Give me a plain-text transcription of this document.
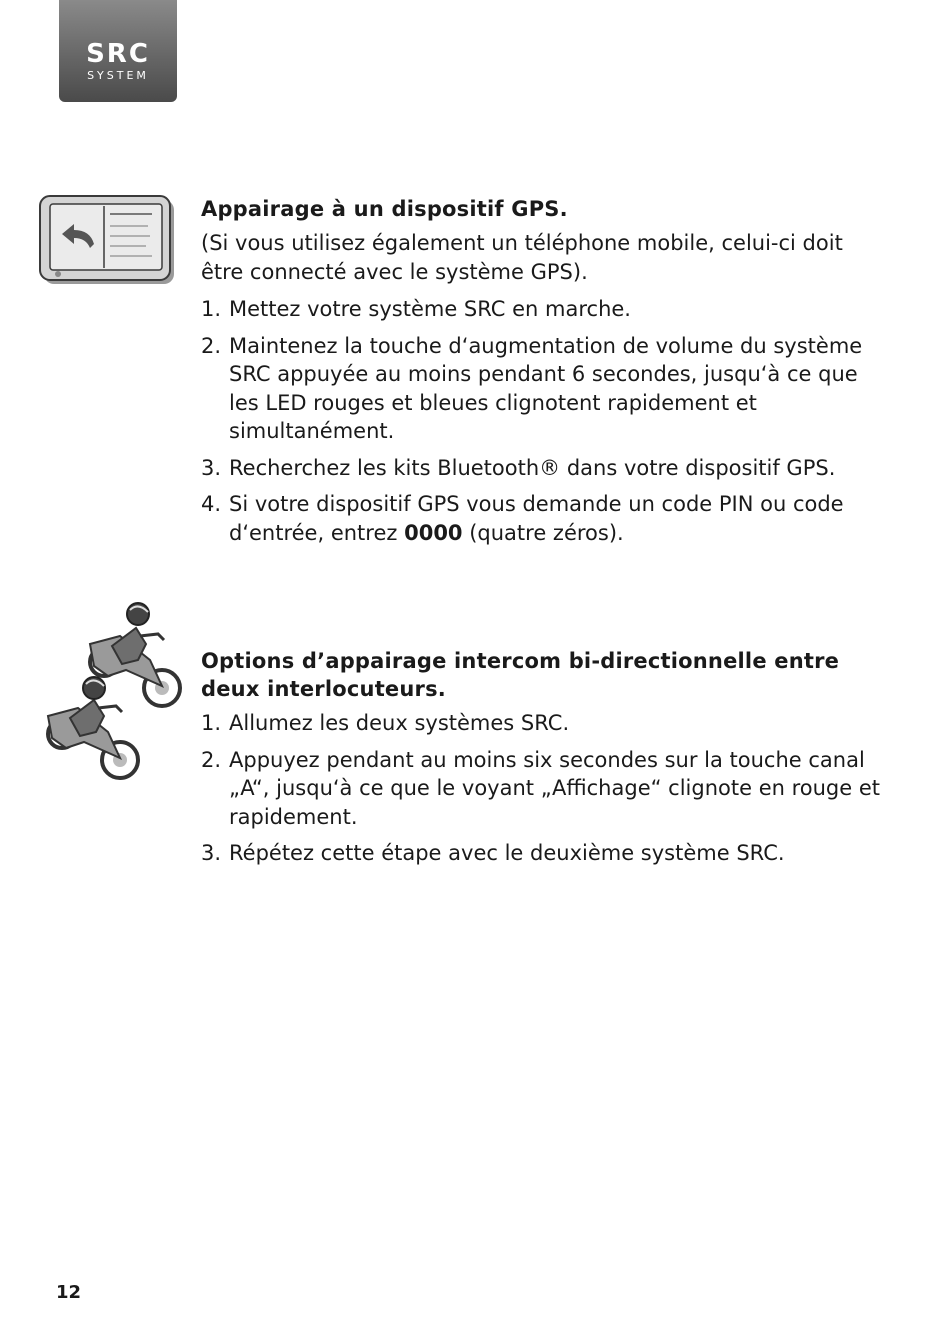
SRC
SYSTEM
Appairage à un dispositif GPS.

(Si vous utilisez également un téléphone mobile, celui-ci doit être connecté avec le système GPS).

1. Mettez votre système SRC en marche.
2. Maintenez la touche d‘augmentation de volume du système SRC appuyée au moins pendant 6 secondes, jusqu‘à ce que les LED rouges et bleues clignotent rapidement et simultanément.
3. Recherchez les kits Bluetooth® dans votre dispositif GPS.
4. Si votre dispositif GPS vous demande un code PIN ou code d‘entrée, entrez 0000 (quatre zéros).
Options d’appairage intercom bi-directionnelle entre deux interlocuteurs.
1. Allumez les deux systèmes SRC.
2. Appuyez pendant au moins six secondes sur la touche canal „A“, jusqu‘à ce que le voyant „Affichage“ clignote en rouge et rapidement.
3. Répétez cette étape avec le deuxième système SRC.
12
